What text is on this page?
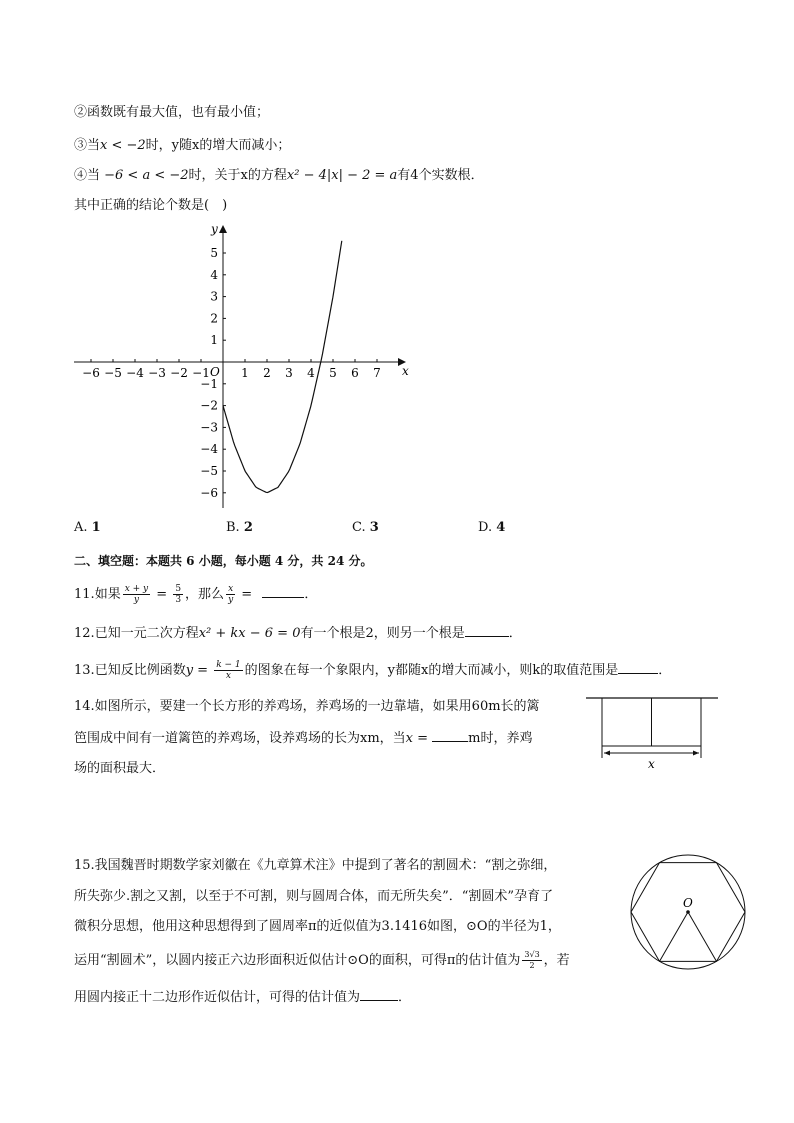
②函数既有最大值，也有最小值；
③当x < −2时，y随x的增大而减小；
④当 −6 < a < −2时，关于x的方程x² − 4|x| − 2 = a有4个实数根．
其中正确的结论个数是(　)
−6 −5 −4 −3 −2 −1	1 2 3 4 5 6 7
5
4
3
2
1
−1
−2
−3
−4
−5
−6
x
y
O
A. 1	B. 2	C. 3	D. 4
二、填空题：本题共 6 小题，每小题 4 分，共 24 分。
11.如果 $\frac{x + y}{y} = \frac{5}{3}$ ，那么 $\frac{x}{y}$ =	．
12.已知一元二次方程x² + kx − 6 = 0有一个根是2，则另一个根是	．
13.已知反比例函数$y = \frac{k - 1}{x}$ 的图象在每一个象限内，y都随x的增大而减小，则k的取值范围是	．
14.如图所示，要建一个长方形的养鸡场，养鸡场的一边靠墙，如果用60m长的篱
笆围成中间有一道篱笆的养鸡场，设养鸡场的长为xm，当x =	m时，养鸡
场的面积最大．	x
15.我国魏晋时期数学家刘徽在《九章算术注》中提到了著名的割圆术：“割之弥细，
所失弥少.割之又割，以至于不可割，则与圆周合体，而无所失矣”．“割圆术”孕育了
微积分思想，他用这种思想得到了圆周率π的近似值为3.1416如图，⊙O的半径为1，
运用“割圆术”，以圆内接正六边形面积近似估计⊙O的面积，可得π的估计值为 $\frac{3√3}{2}$ ，若
用圆内接正十二边形作近似估计，可得的估计值为	．
O
